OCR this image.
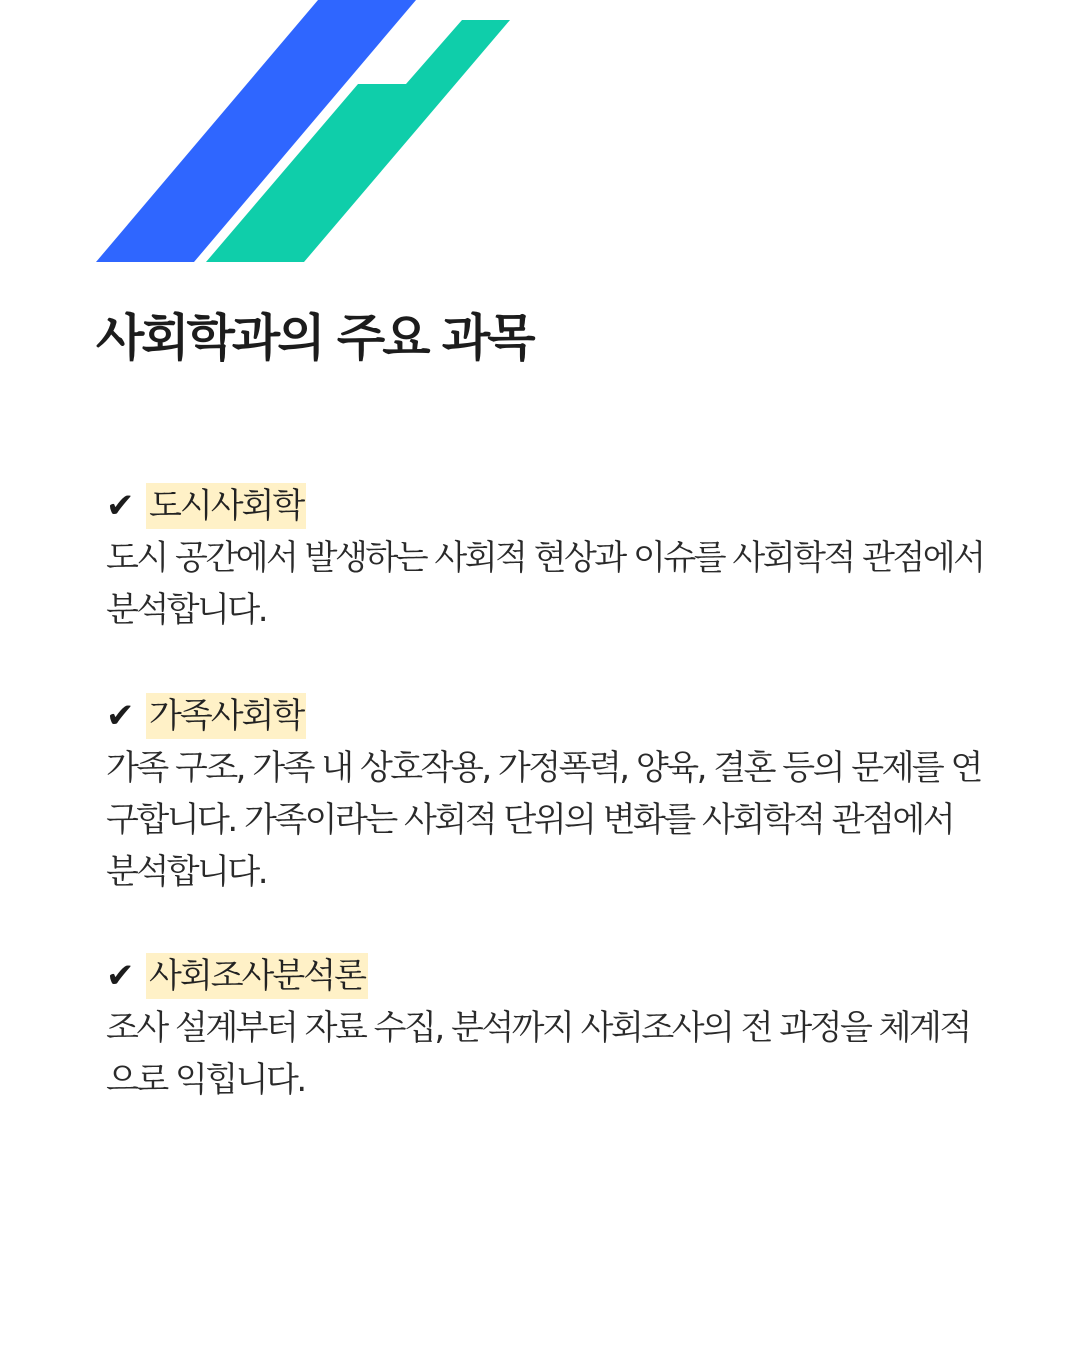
사회학과의 주요 과목
✔ 도시사회학

도시 공간에서 발생하는 사회적 현상과 이슈를 사회학적 관점에서 분석합니다.

✔ 가족사회학

가족 구조, 가족 내 상호작용, 가정폭력, 양육, 결혼 등의 문제를 연구합니다. 가족이라는 사회적 단위의 변화를 사회학적 관점에서 분석합니다.

✔ 사회조사분석론

조사 설계부터 자료 수집, 분석까지 사회조사의 전 과정을 체계적으로 익힙니다.
